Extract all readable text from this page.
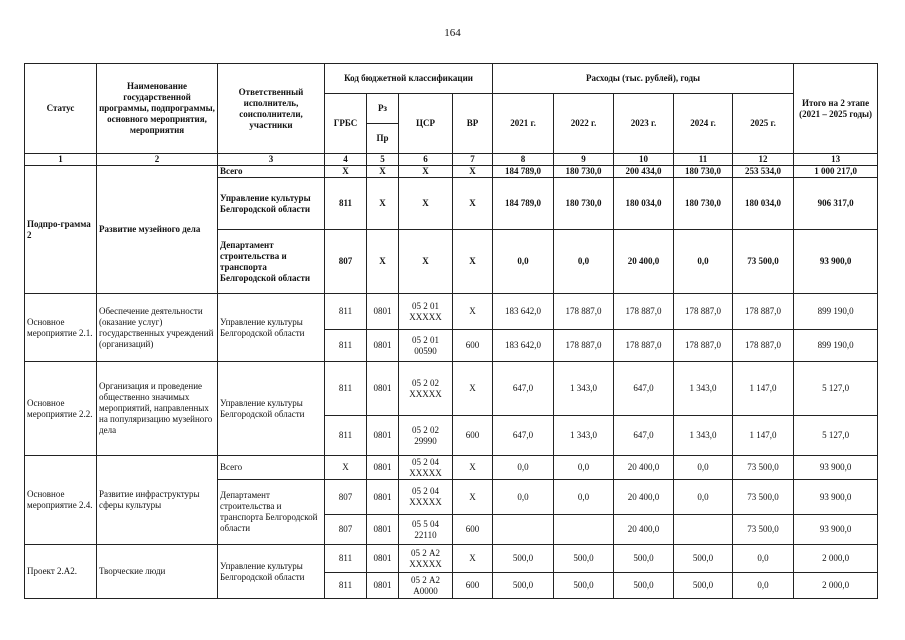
164
Статус	Наименование государственной программы, подпрограммы, основного мероприятия, мероприятия	Ответственный исполнитель, соисполнители, участники	Код бюджетной классификации				Расходы (тыс. рублей), годы					Итого на 2 этапе (2021 – 2025 годы)
			ГРБС	Рз	ЦСР	ВР	2021 г.	2022 г.	2023 г.	2024 г.	2025 г.	
				Пр								
1	2	3	4	5	6	7	8	9	10	11	12	13
Подпро-грамма 2	Развитие музейного дела	Всего	Х	Х	Х	Х	184 789,0	180 730,0	200 434,0	180 730,0	253 534,0	1 000 217,0
		Управление культуры Белгородской области	811	Х	Х	Х	184 789,0	180 730,0	180 034,0	180 730,0	180 034,0	906 317,0
		Департамент строительства и транспорта Белгородской области	807	Х	Х	Х	0,0	0,0	20 400,0	0,0	73 500,0	93 900,0
Основное мероприятие 2.1.	Обеспечение деятельности (оказание услуг) государственных учреждений (организаций)	Управление культуры Белгородской области	811	0801	05 2 01 ХХХХХ	Х	183 642,0	178 887,0	178 887,0	178 887,0	178 887,0	899 190,0
			811	0801	05 2 01 00590	600	183 642,0	178 887,0	178 887,0	178 887,0	178 887,0	899 190,0
Основное мероприятие 2.2.	Организация и проведение общественно значимых мероприятий, направленных на популяризацию музейного дела	Управление культуры Белгородской области	811	0801	05 2 02 ХХХХХ	Х	647,0	1 343,0	647,0	1 343,0	1 147,0	5 127,0
			811	0801	05 2 02 29990	600	647,0	1 343,0	647,0	1 343,0	1 147,0	5 127,0
Основное мероприятие 2.4.	Развитие инфраструктуры сферы культуры	Всего	Х	0801	05 2 04 ХХХХХ	Х	0,0	0,0	20 400,0	0,0	73 500,0	93 900,0
		Департамент строительства и транспорта Белгородской области	807	0801	05 2 04 ХХХХХ	Х	0,0	0,0	20 400,0	0,0	73 500,0	93 900,0
			807	0801	05 5 04 22110	600			20 400,0		73 500,0	93 900,0
Проект 2.А2.	Творческие люди	Управление культуры Белгородской области	811	0801	05 2 А2 ХХХХХ	Х	500,0	500,0	500,0	500,0	0,0	2 000,0
			811	0801	05 2 А2 А0000	600	500,0	500,0	500,0	500,0	0,0	2 000,0
